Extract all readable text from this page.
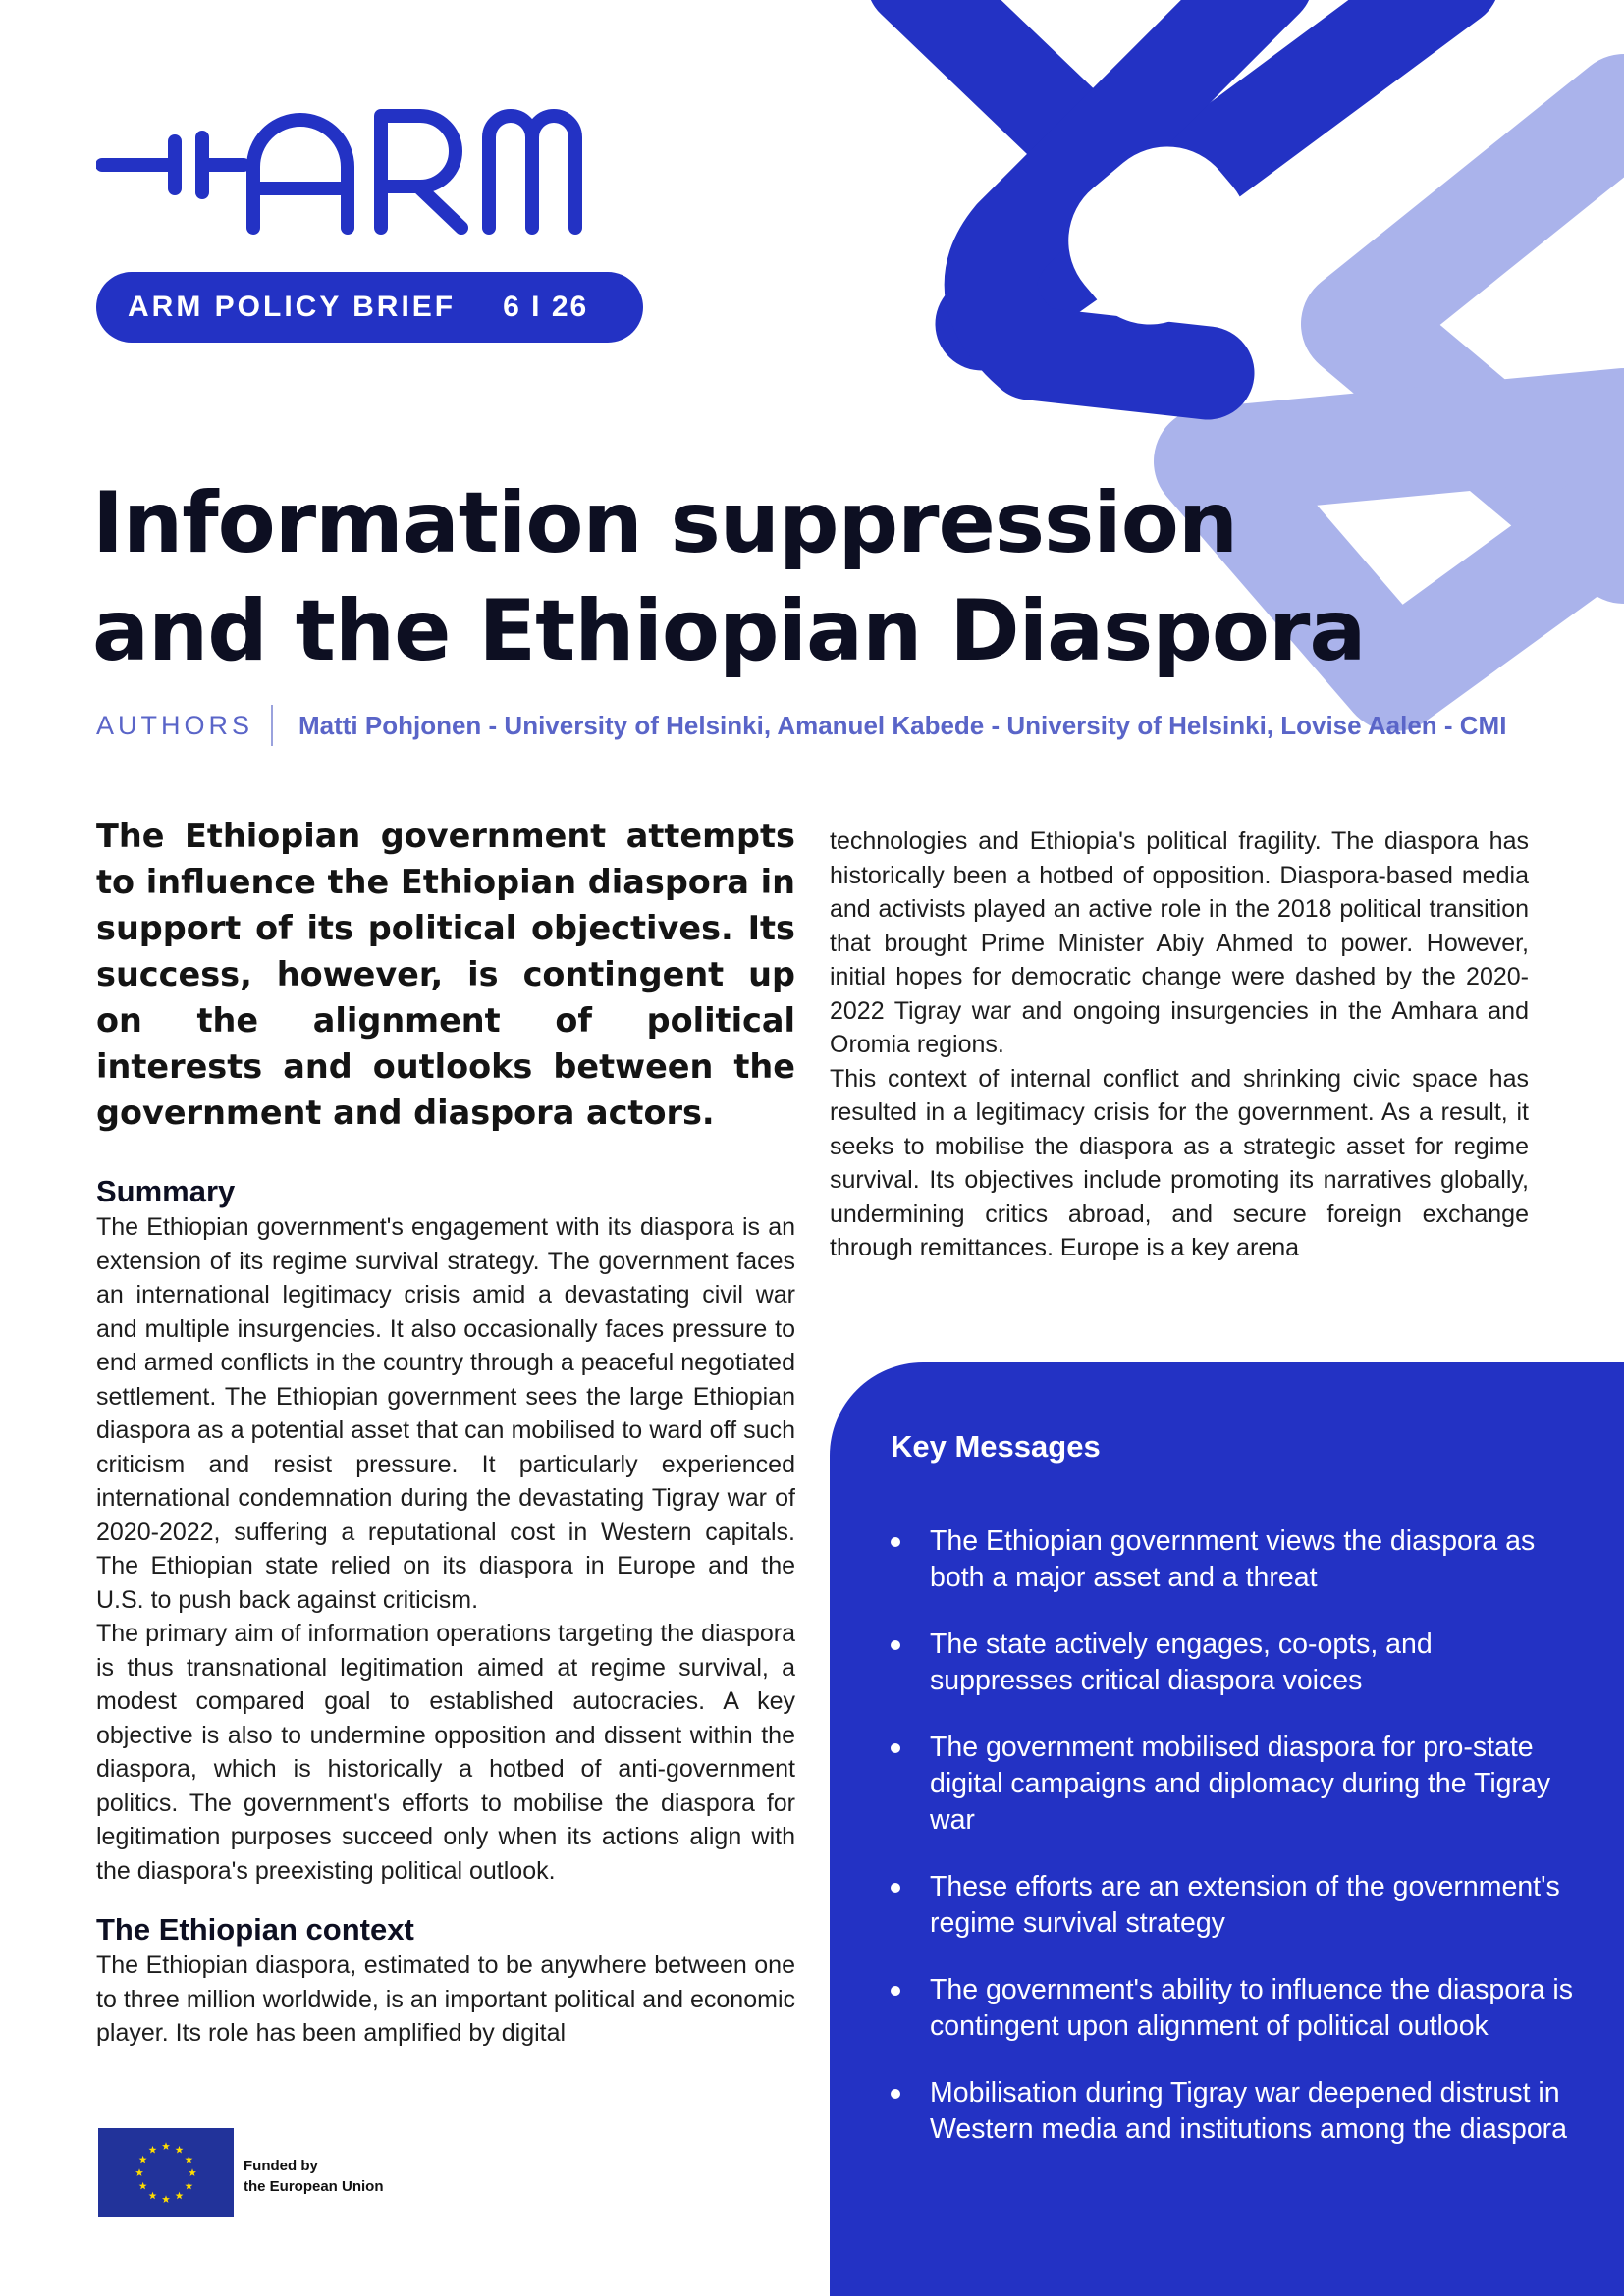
ARM POLICY BRIEF 6 I 26
Information suppression
and the Ethiopian Diaspora
AUTHORS Matti Pohjonen - University of Helsinki, Amanuel Kabede - University of Helsinki, Lovise Aalen - CMI

The Ethiopian government attempts to influence the Ethiopian diaspora in support of its political objectives. Its success, however, is contingent up on the alignment of political interests and outlooks between the government and diaspora actors.

Summary

The Ethiopian government's engagement with its diaspora is an extension of its regime survival strategy. The government faces an international legitimacy crisis amid a devastating civil war and multiple insurgencies. It also occasionally faces pressure to end armed conflicts in the country through a peaceful negotiated settlement. The Ethiopian government sees the large Ethiopian diaspora as a potential asset that can mobilised to ward off such criticism and resist pressure. It particularly experienced international condemnation during the devastating Tigray war of 2020-2022, suffering a reputational cost in Western capitals. The Ethiopian state relied on its diaspora in Europe and the U.S. to push back against criticism.

The primary aim of information operations targeting the diaspora is thus transnational legitimation aimed at regime survival, a modest compared goal to established autocracies. A key objective is also to undermine opposition and dissent within the diaspora, which is historically a hotbed of anti-government politics. The government's efforts to mobilise the diaspora for legitimation purposes succeed only when its actions align with the diaspora's preexisting political outlook.

The Ethiopian context

The Ethiopian diaspora, estimated to be anywhere between one to three million worldwide, is an important political and economic player. Its role has been amplified by digital

technologies and Ethiopia's political fragility. The diaspora has historically been a hotbed of opposition. Diaspora-based media and activists played an active role in the 2018 political transition that brought Prime Minister Abiy Ahmed to power. However, initial hopes for democratic change were dashed by the 2020-2022 Tigray war and ongoing insurgencies in the Amhara and Oromia regions.

This context of internal conflict and shrinking civic space has resulted in a legitimacy crisis for the government. As a result, it seeks to mobilise the diaspora as a strategic asset for regime survival. Its objectives include promoting its narratives globally, undermining critics abroad, and secure foreign exchange through remittances. Europe is a key arena

Key Messages
The Ethiopian government views the diaspora as both a major asset and a threat
The state actively engages, co-opts, and suppresses critical diaspora voices
The government mobilised diaspora for pro-state digital campaigns and diplomacy during the Tigray war
These efforts are an extension of the government's regime survival strategy
The government's ability to influence the diaspora is contingent upon alignment of political outlook
Mobilisation during Tigray war deepened distrust in Western media and institutions among the diaspora
Funded by
the European Union
